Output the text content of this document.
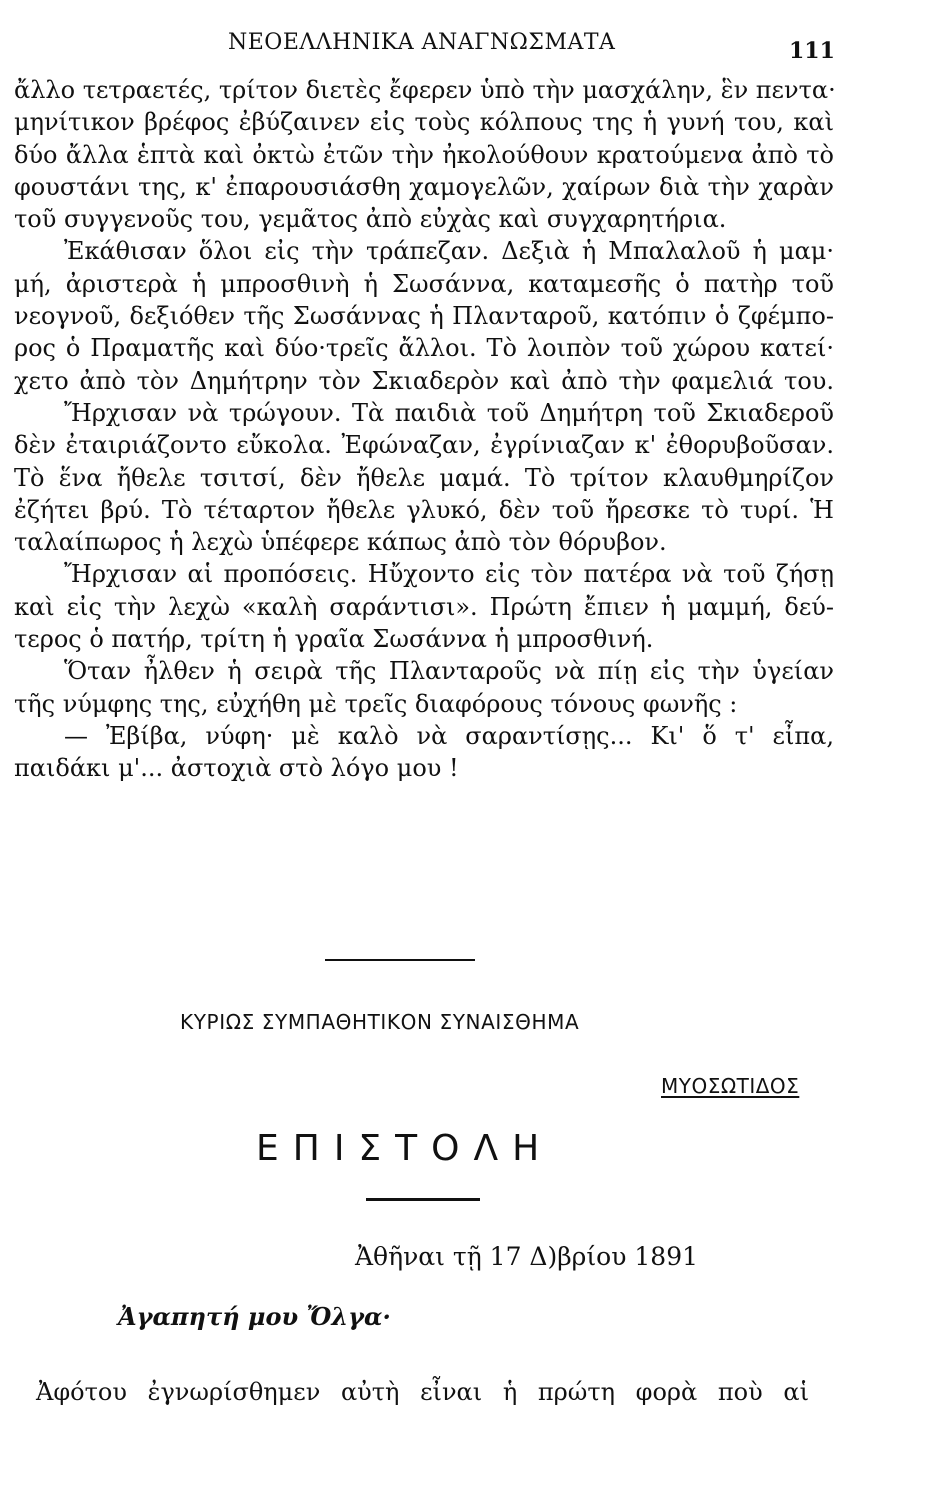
ΝΕΟΕΛΛΗΝΙΚΑ ΑΝΑΓΝΩΣΜΑΤΑ	111
ἄλλο τετραετές, τρίτον διετὲς ἔφερεν ὑπὸ τὴν μασχάλην, ἓν πεντα·
μηνίτικον βρέφος ἐβύζαινεν εἰς τοὺς κόλπους της ἡ γυνή του, καὶ
δύο ἄλλα ἑπτὰ καὶ ὀκτὼ ἐτῶν τὴν ἠκολούθουν κρατούμενα ἀπὸ τὸ
φουστάνι της, κ' ἐπαρουσιάσθη χαμογελῶν, χαίρων διὰ τὴν χαρὰν
τοῦ συγγενοῦς του, γεμᾶτος ἀπὸ εὐχὰς καὶ συγχαρητήρια.
Ἐκάθισαν ὅλοι εἰς τὴν τράπεζαν. Δεξιὰ ἡ Μπαλαλοῦ ἡ μαμ·
μή, ἀριστερὰ ἡ μπροσθινὴ ἡ Σωσάννα, καταμεσῆς ὁ πατὴρ τοῦ
νεογνοῦ, δεξιόθεν τῆς Σωσάννας ἡ Πλανταροῦ, κατόπιν ὁ ζφέμπο-
ρος ὁ Πραματῆς καὶ δύο·τρεῖς ἄλλοι. Τὸ λοιπὸν τοῦ χώρου κατεί·
χετο ἀπὸ τὸν Δημήτρην τὸν Σκιαδερὸν καὶ ἀπὸ τὴν φαμελιά του.
Ἤρχισαν νὰ τρώγουν. Τὰ παιδιὰ τοῦ Δημήτρη τοῦ Σκιαδεροῦ
δὲν ἐταιριάζοντο εὔκολα. Ἐφώναζαν, ἐγρίνιαζαν κ' ἐθορυβοῦσαν.
Τὸ ἕνα ἤθελε τσιτσί, δὲν ἤθελε μαμά. Τὸ τρίτον κλαυθμηρίζον
ἐζήτει βρύ. Τὸ τέταρτον ἤθελε γλυκό, δὲν τοῦ ἤρεσκε τὸ τυρί. Ἡ
ταλαίπωρος ἡ λεχὼ ὑπέφερε κάπως ἀπὸ τὸν θόρυβον.
Ἤρχισαν αἱ προπόσεις. Ηὔχοντο εἰς τὸν πατέρα νὰ τοῦ ζήσῃ
καὶ εἰς τὴν λεχὼ «καλὴ σαράντισι». Πρώτη ἔπιεν ἡ μαμμή, δεύ-
τερος ὁ πατήρ, τρίτη ἡ γραῖα Σωσάννα ἡ μπροσθινή.
Ὅταν ἦλθεν ἡ σειρὰ τῆς Πλανταροῦς νὰ πίῃ εἰς τὴν ὑγείαν
τῆς νύμφης της, εὐχήθη μὲ τρεῖς διαφόρους τόνους φωνῆς :
— Ἐβίβα, νύφη· μὲ καλὸ νὰ σαραντίσῃς... Κι' ὅ τ' εἶπα,
παιδάκι μ'... ἀστοχιὰ στὸ λόγο μου !
ΚΥΡΙΩΣ ΣΥΜΠΑΘΗΤΙΚΟΝ ΣΥΝΑΙΣΘΗΜΑ
ΜΥΟΣΩΤΙΔΟΣ
ΕΠΙΣΤΟΛΗ
Ἀθῆναι τῇ 17 Δ)βρίου 1891
Ἀγαπητή μου Ὄλγα·
Ἀφότου ἐγνωρίσθημεν αὐτὴ εἶναι ἡ πρώτη φορὰ ποὺ αἱ
